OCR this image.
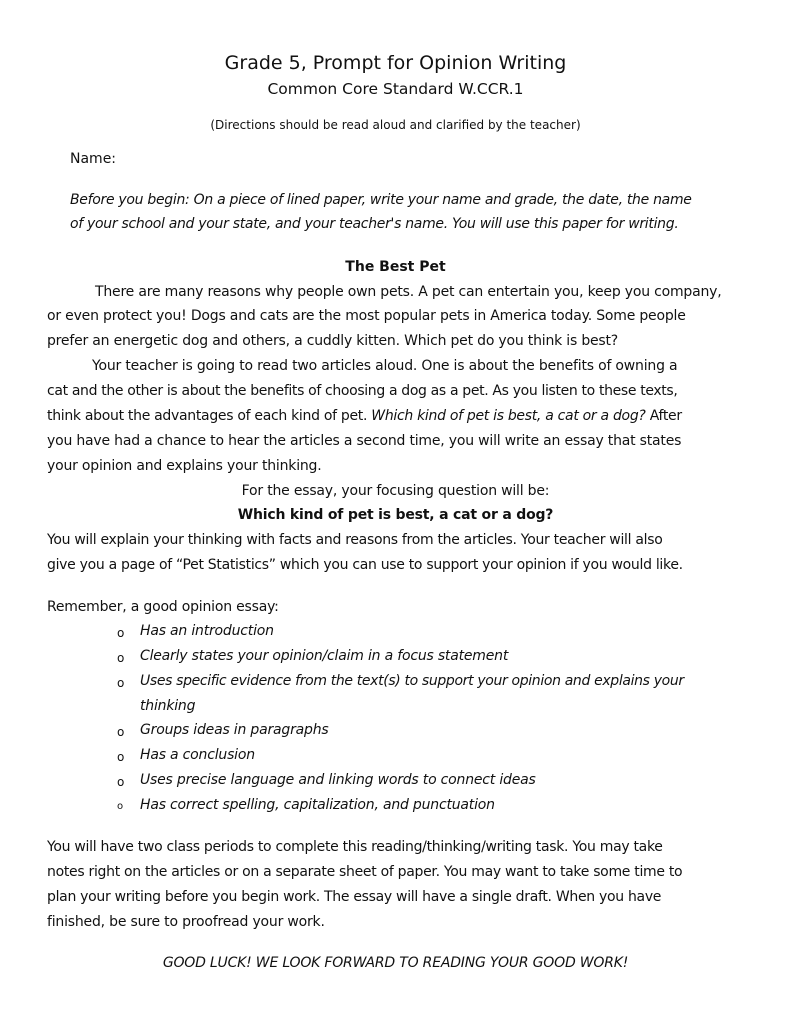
Grade 5, Prompt for Opinion Writing
Common Core Standard W.CCR.1
(Directions should be read aloud and clarified by the teacher)
Name:
Before you begin: On a piece of lined paper, write your name and grade, the date, the name
of your school and your state, and your teacher's name. You will use this paper for writing.
The Best Pet
There are many reasons why people own pets. A pet can entertain you, keep you company,
or even protect you! Dogs and cats are the most popular pets in America today. Some people
prefer an energetic dog and others, a cuddly kitten. Which pet do you think is best?
Your teacher is going to read two articles aloud. One is about the benefits of owning a
cat and the other is about the benefits of choosing a dog as a pet. As you listen to these texts,
think about the advantages of each kind of pet. Which kind of pet is best, a cat or a dog? After
you have had a chance to hear the articles a second time, you will write an essay that states
your opinion and explains your thinking.
For the essay, your focusing question will be:
Which kind of pet is best, a cat or a dog?
You will explain your thinking with facts and reasons from the articles. Your teacher will also
give you a page of “Pet Statistics” which you can use to support your opinion if you would like.
Remember, a good opinion essay:
o Has an introduction
o Clearly states your opinion/claim in a focus statement
o Uses specific evidence from the text(s) to support your opinion and explains your
thinking
o Groups ideas in paragraphs
o Has a conclusion
o Uses precise language and linking words to connect ideas
o Has correct spelling, capitalization, and punctuation
You will have two class periods to complete this reading/thinking/writing task. You may take
notes right on the articles or on a separate sheet of paper. You may want to take some time to
plan your writing before you begin work. The essay will have a single draft. When you have
finished, be sure to proofread your work.
GOOD LUCK! WE LOOK FORWARD TO READING YOUR GOOD WORK!
